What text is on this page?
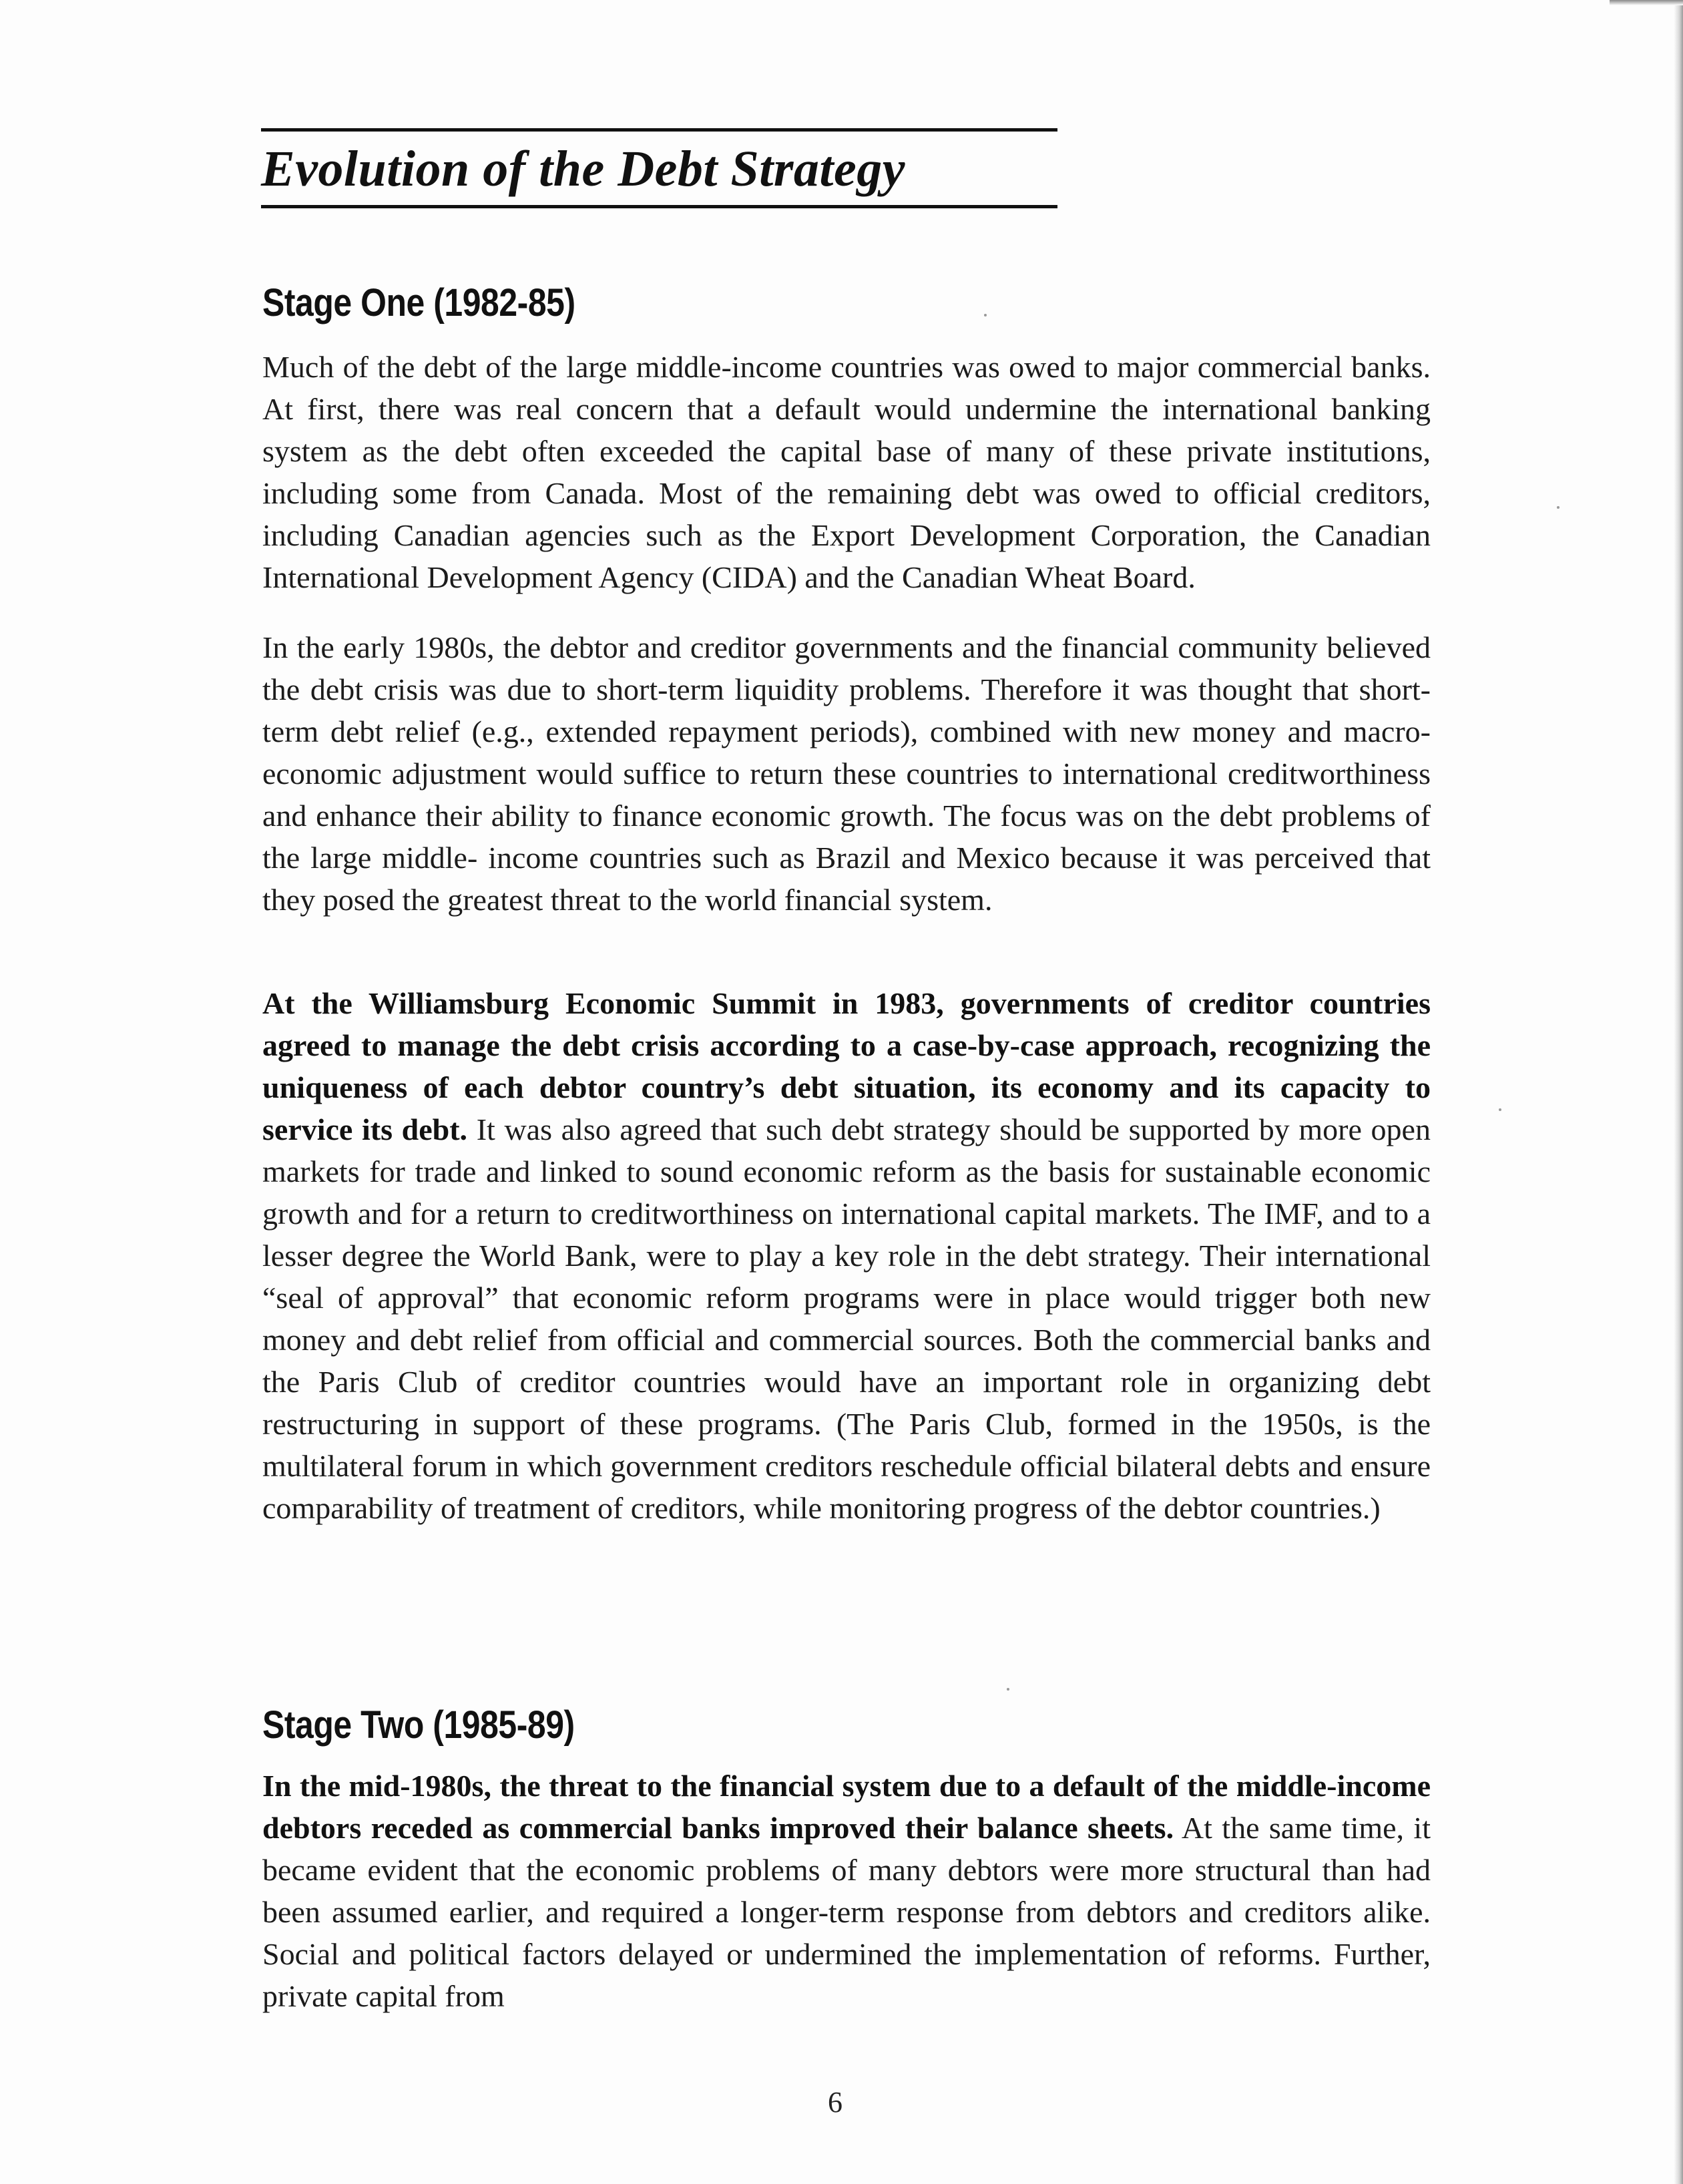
Evolution of the Debt Strategy
Stage One (1982-85)

Much of the debt of the large middle-income countries was owed to major commercial banks. At first, there was real concern that a default would undermine the international banking system as the debt often exceeded the capital base of many of these private institutions, including some from Canada. Most of the remaining debt was owed to official creditors, including Canadian agencies such as the Export Development Corporation, the Canadian International Development Agency (CIDA) and the Canadian Wheat Board.

In the early 1980s, the debtor and creditor governments and the financial community believed the debt crisis was due to short-term liquidity problems. Therefore it was thought that short-term debt relief (e.g., extended repayment periods), combined with new money and macro-economic adjustment would suffice to return these countries to international creditworthiness and enhance their ability to finance economic growth. The focus was on the debt problems of the large middle- income countries such as Brazil and Mexico because it was perceived that they posed the greatest threat to the world financial system.

At the Williamsburg Economic Summit in 1983, governments of creditor countries agreed to manage the debt crisis according to a case-by-case approach, recognizing the uniqueness of each debtor country’s debt situation, its economy and its capacity to service its debt. It was also agreed that such debt strategy should be supported by more open markets for trade and linked to sound economic reform as the basis for sustainable economic growth and for a return to creditworthiness on international capital markets. The IMF, and to a lesser degree the World Bank, were to play a key role in the debt strategy. Their international “seal of approval” that economic reform programs were in place would trigger both new money and debt relief from official and commercial sources. Both the commercial banks and the Paris Club of creditor countries would have an important role in organizing debt restructuring in support of these programs. (The Paris Club, formed in the 1950s, is the multilateral forum in which government creditors reschedule official bilateral debts and ensure comparability of treatment of creditors, while monitoring progress of the debtor countries.)

Stage Two (1985-89)

In the mid-1980s, the threat to the financial system due to a default of the middle-income debtors receded as commercial banks improved their balance sheets. At the same time, it became evident that the economic problems of many debtors were more structural than had been assumed earlier, and required a longer-term response from debtors and creditors alike. Social and political factors delayed or undermined the implementation of reforms. Further, private capital from

6
